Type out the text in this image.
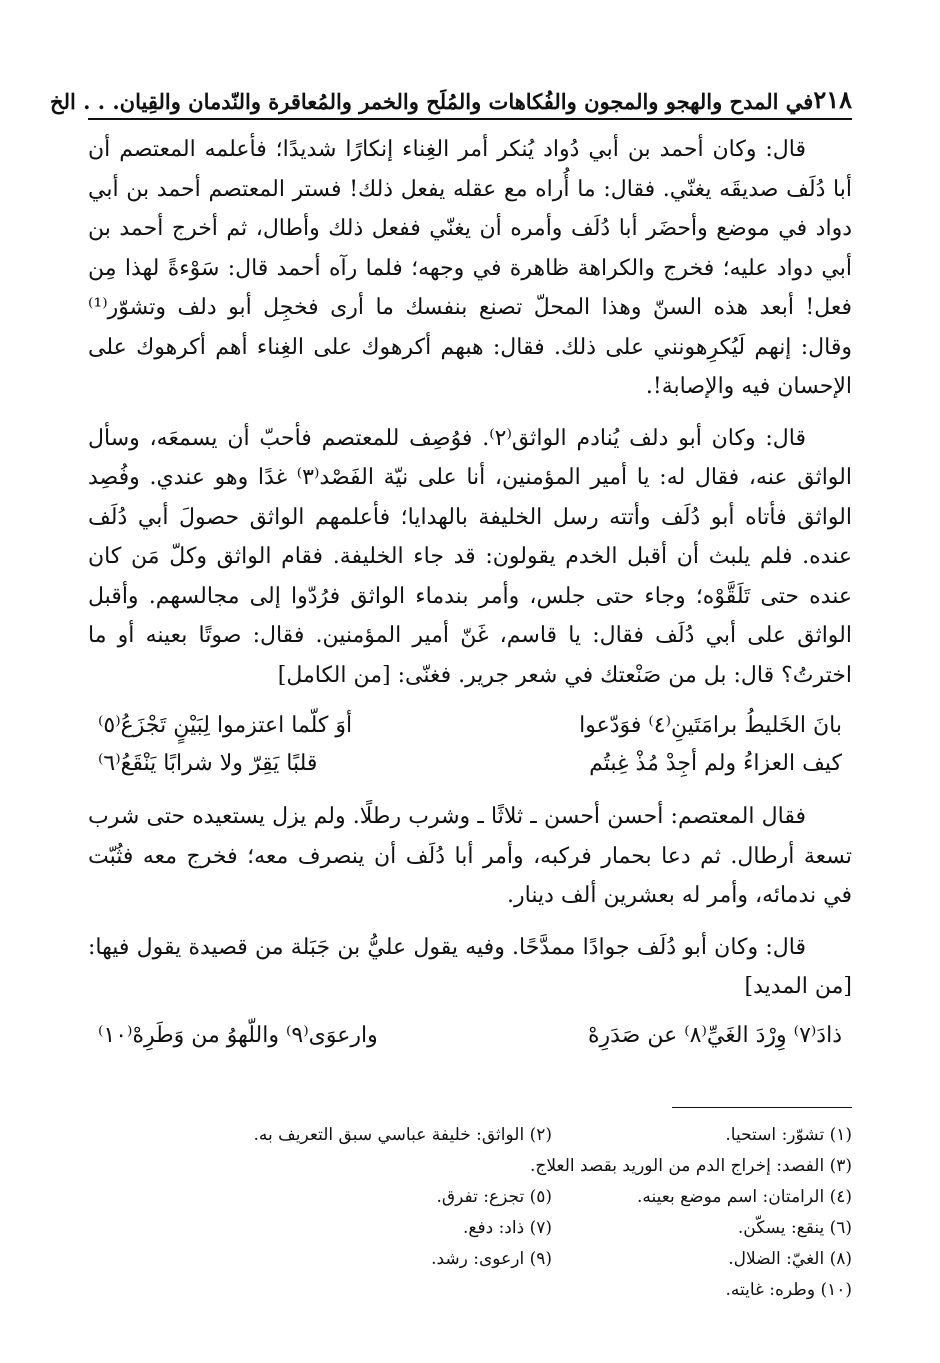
٢١٨
في المدح والهجو والمجون والفُكاهات والمُلَح والخمر والمُعاقرة والنّدمان والقِيان. . . الخ

قال: وكان أحمد بن أبي دُواد يُنكر أمر الغِناء إنكارًا شديدًا؛ فأعلمه المعتصم أن أبا دُلَف صديقَه يغنّي. فقال: ما أُراه مع عقله يفعل ذلك! فستر المعتصم أحمد بن أبي دواد في موضع وأحضَر أبا دُلَف وأمره أن يغنّي ففعل ذلك وأطال، ثم أخرج أحمد بن أبي دواد عليه؛ فخرج والكراهة ظاهرة في وجهه؛ فلما رآه أحمد قال: سَوْءةً لهذا مِن فعل! أبعد هذه السنّ وهذا المحلّ تصنع بنفسك ما أرى فخجِل أبو دلف وتشوّر⁽¹⁾ وقال: إنهم لَيُكرِهونني على ذلك. فقال: هبهم أكرهوك على الغِناء أهم أكرهوك على الإحسان فيه والإصابة!.

قال: وكان أبو دلف يُنادم الواثق⁽٢⁾. فوُصِف للمعتصم فأحبّ أن يسمعَه، وسأل الواثق عنه، فقال له: يا أمير المؤمنين، أنا على نيّة الفَصْد⁽٣⁾ غدًا وهو عندي. وفُصِد الواثق فأتاه أبو دُلَف وأتته رسل الخليفة بالهدايا؛ فأعلمهم الواثق حصولَ أبي دُلَف عنده. فلم يلبث أن أقبل الخدم يقولون: قد جاء الخليفة. فقام الواثق وكلّ مَن كان عنده حتى تَلَقَّوْه؛ وجاء حتى جلس، وأمر بندماء الواثق فرُدّوا إلى مجالسهم. وأقبل الواثق على أبي دُلَف فقال: يا قاسم، غَنّ أمير المؤمنين. فقال: صوتًا بعينه أو ما اخترتُ؟ قال: بل من صَنْعتك في شعر جرير. فغنّى: [من الكامل]

بانَ الخَليطُ برامَتَينِ⁽٤⁾ فوَدّعوا
أوَ كلّما اعتزموا لِبَيْنٍ تَجْزَعُ⁽٥⁾
كيف العزاءُ ولم أجِدْ مُذْ غِبتُم
قلبًا يَقِرّ ولا شرابًا يَنْقَعُ⁽٦⁾

فقال المعتصم: أحسن أحسن ـ ثلاثًا ـ وشرب رطلًا. ولم يزل يستعيده حتى شرب تسعة أرطال. ثم دعا بحمار فركبه، وأمر أبا دُلَف أن ينصرف معه؛ فخرج معه فثُبّت في ندمائه، وأمر له بعشرين ألف دينار.

قال: وكان أبو دُلَف جوادًا ممدَّحًا. وفيه يقول عليُّ بن جَبَلة من قصيدة يقول فيها: [من المديد]

ذادَ⁽٧⁾ وِرْدَ الغَيِّ⁽٨⁾ عن صَدَرِهْ
وارعوَى⁽٩⁾ واللّهوُ من وَطَرِهْ⁽١٠⁾
(١) تشوّر: استحيا.
(٢) الواثق: خليفة عباسي سبق التعريف به.
(٣) الفصد: إخراج الدم من الوريد بقصد العلاج.
(٤) الرامتان: اسم موضع بعينه.
(٥) تجزع: تفرق.
(٦) ينقع: يسكّن.
(٧) ذاد: دفع.
(٨) الغيّ: الضلال.
(٩) ارعوى: رشد.
(١٠) وطره: غايته.
